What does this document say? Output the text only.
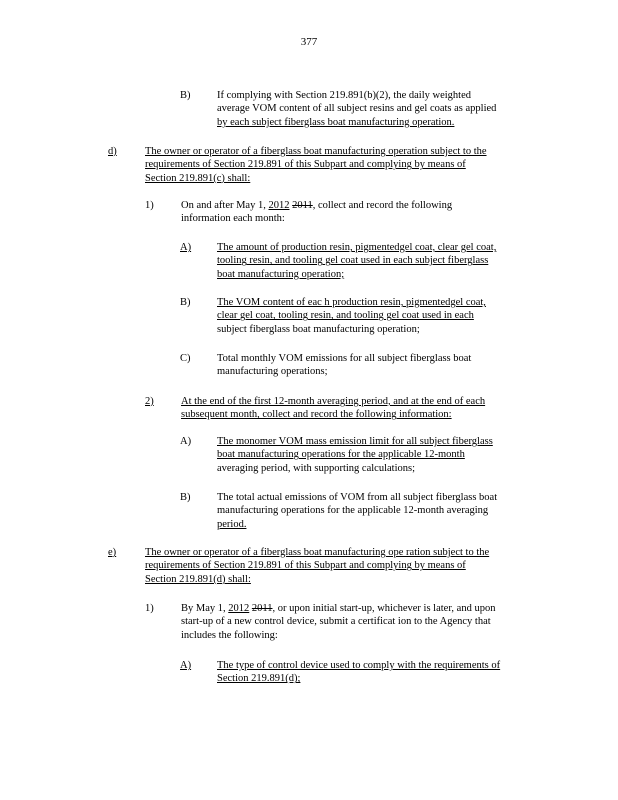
377
B)	If complying with Section 219.891(b)(2), the daily weighted
average VOM content of all subject resins and gel coats as applied
by each subject fiberglass boat manufacturing operation.
d)	The owner or operator of a fiberglass boat manufacturing operation subject to the
requirements of Section 219.891 of this Subpart and complying by means of
Section 219.891(c) shall:
1)	On and after May 1, 2012 2011, collect and record the following
information each month:
A) The amount of production resin, pigmentedgel coat, clear gel coat,
tooling resin, and tooling gel coat used in each subject fiberglass
boat manufacturing operation;
B)	The VOM content of eac h production resin, pigmentedgel coat,
clear gel coat, tooling resin, and tooling gel coat used in each
subject fiberglass boat manufacturing operation;
C)	Total monthly VOM emissions for all subject fiberglass boat
manufacturing operations;
2)	At the end of the first 12-month averaging period, and at the end of each
subsequent month, collect and record the following information:
A) The monomer VOM mass emission limit for all subject fiberglass
boat manufacturing operations for the applicable 12-month
averaging period, with supporting calculations;
B)	The total actual emissions of VOM from all subject fiberglass boat
manufacturing operations for the applicable 12-month averaging
period.
e)	The owner or operator of a fiberglass boat manufacturing ope ration subject to the
requirements of Section 219.891 of this Subpart and complying by means of
Section 219.891(d) shall:
1)	By May 1, 2012 2011, or upon initial start-up, whichever is later, and upon
start-up of a new control device, submit a certificat ion to the Agency that
includes the following:
A) The type of control device used to comply with the requirements of
Section 219.891(d);
